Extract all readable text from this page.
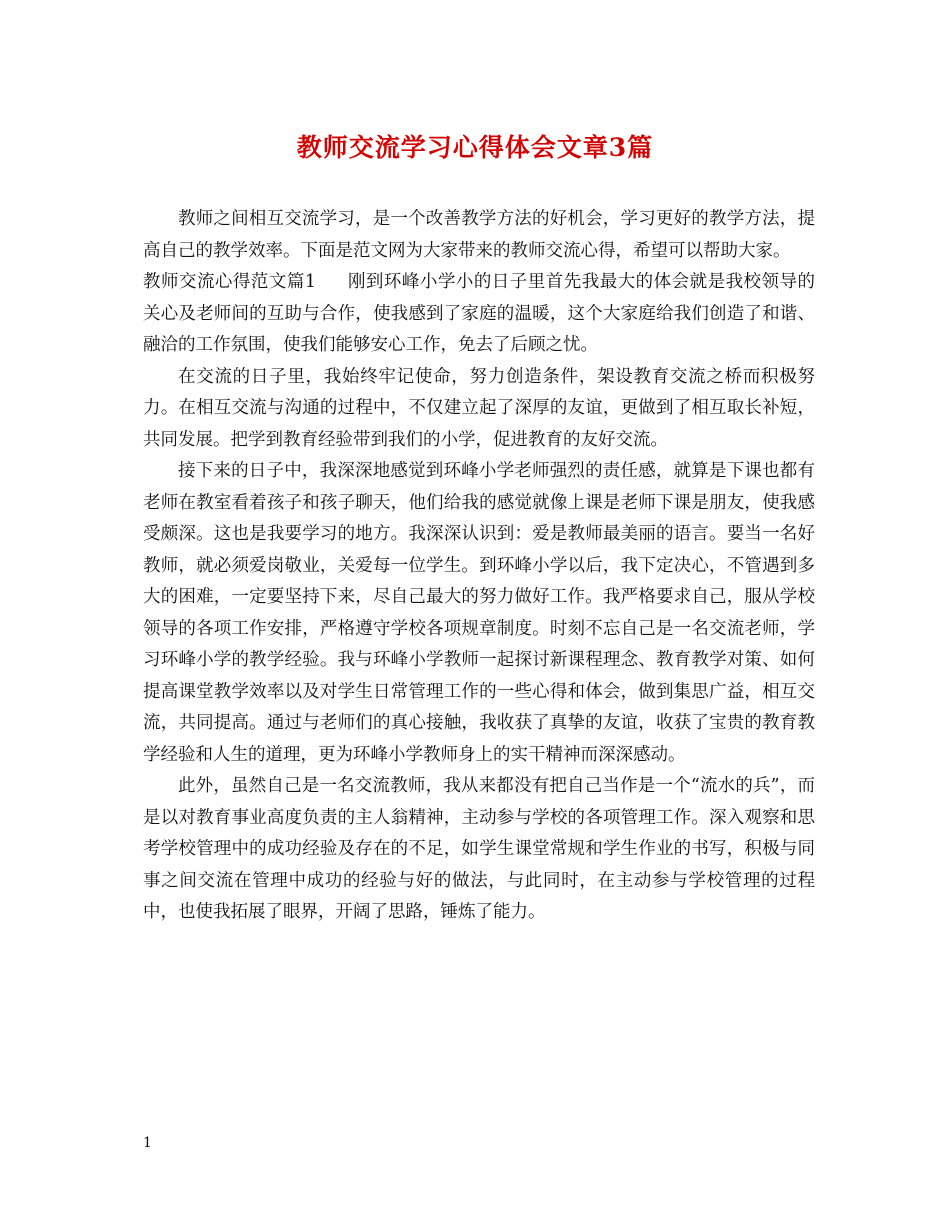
教师交流学习心得体会文章3篇

教师之间相互交流学习，是一个改善教学方法的好机会，学习更好的教学方法，提高自己的教学效率。下面是范文网为大家带来的教师交流心得，希望可以帮助大家。

教师交流心得范文篇1 刚到环峰小学小的日子里首先我最大的体会就是我校领导的关心及老师间的互助与合作，使我感到了家庭的温暖，这个大家庭给我们创造了和谐、融洽的工作氛围，使我们能够安心工作，免去了后顾之忧。

在交流的日子里，我始终牢记使命，努力创造条件，架设教育交流之桥而积极努力。在相互交流与沟通的过程中，不仅建立起了深厚的友谊，更做到了相互取长补短，共同发展。把学到教育经验带到我们的小学，促进教育的友好交流。

接下来的日子中，我深深地感觉到环峰小学老师强烈的责任感，就算是下课也都有老师在教室看着孩子和孩子聊天，他们给我的感觉就像上课是老师下课是朋友，使我感受颇深。这也是我要学习的地方。我深深认识到：爱是教师最美丽的语言。要当一名好教师，就必须爱岗敬业，关爱每一位学生。到环峰小学以后，我下定决心，不管遇到多大的困难，一定要坚持下来，尽自己最大的努力做好工作。我严格要求自己，服从学校领导的各项工作安排，严格遵守学校各项规章制度。时刻不忘自己是一名交流老师，学习环峰小学的教学经验。我与环峰小学教师一起探讨新课程理念、教育教学对策、如何提高课堂教学效率以及对学生日常管理工作的一些心得和体会，做到集思广益，相互交流，共同提高。通过与老师们的真心接触，我收获了真挚的友谊，收获了宝贵的教育教学经验和人生的道理，更为环峰小学教师身上的实干精神而深深感动。

此外，虽然自己是一名交流教师，我从来都没有把自己当作是一个“流水的兵”，而是以对教育事业高度负责的主人翁精神，主动参与学校的各项管理工作。深入观察和思考学校管理中的成功经验及存在的不足，如学生课堂常规和学生作业的书写，积极与同事之间交流在管理中成功的经验与好的做法，与此同时，在主动参与学校管理的过程中，也使我拓展了眼界，开阔了思路，锤炼了能力。

1
